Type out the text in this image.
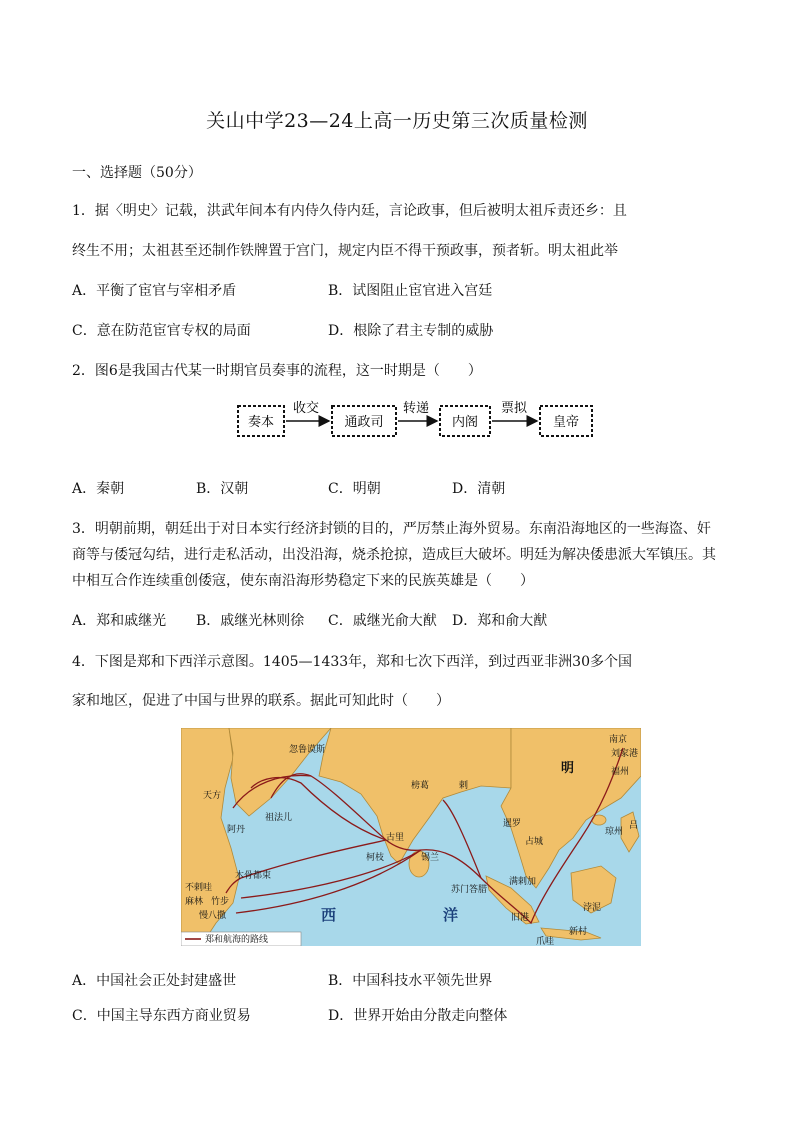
关山中学23—24上高一历史第三次质量检测
一、选择题（50分）
1．据〈明史〉记载，洪武年间本有内侍久侍内廷，言论政事，但后被明太祖斥责还乡：且
终生不用；太祖甚至还制作铁牌置于宫门，规定内臣不得干预政事，预者斩。明太祖此举
A．平衡了宦官与宰相矛盾	B．试图阻止宦官进入宫廷
C．意在防范宦官专权的局面	D．根除了君主专制的威胁
2．图6是我国古代某一时期官员奏事的流程，这一时期是（　　）
奏本	通政司	内阁	皇帝
收交	转递	票拟
A．秦朝	B．汉朝	C．明朝	D．清朝
3．明朝前期，朝廷出于对日本实行经济封锁的目的，严厉禁止海外贸易。东南沿海地区的一些海盗、奸
商等与倭冠勾结，进行走私活动，出没沿海，烧杀抢掠，造成巨大破坏。明廷为解决倭患派大军镇压。其
中相互合作连续重创倭寇，使东南沿海形势稳定下来的民族英雄是（　　）
A．郑和戚继光 B．戚继光林则徐 C．戚继光俞大猷 D．郑和俞大猷
4．下图是郑和下西洋示意图。1405—1433年，郑和七次下西洋，到过西亚非洲30多个国
家和地区，促进了中国与世界的联系。据此可知此时（　　）
南京
刘家港
福州
明
琼州
忽鲁谟斯
天方
祖法儿
阿丹
古里
柯枝	锡兰
榜葛	剌
暹罗
占城
满剌加
苏门答腊
旧港
新村
爪哇
木骨都束
不剌哇
麻林 竹步
慢八撒
浡泥
西	洋
吕
郑和航海的路线
A．中国社会正处封建盛世	B．中国科技水平领先世界
C．中国主导东西方商业贸易	D．世界开始由分散走向整体
